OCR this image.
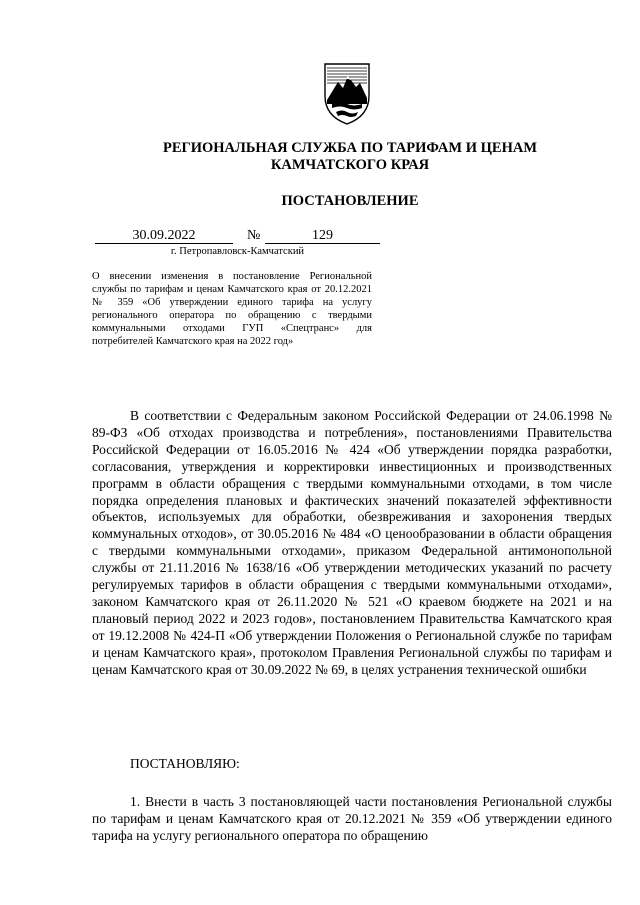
РЕГИОНАЛЬНАЯ СЛУЖБА ПО ТАРИФАМ И ЦЕНАМ
КАМЧАТСКОГО КРАЯ
ПОСТАНОВЛЕНИЕ
30.09.2022	№	129
г. Петропавловск-Камчатский
О внесении изменения в постановление Региональной службы по тарифам и ценам Камчатского края от 20.12.2021 № 359 «Об утверждении единого тарифа на услугу регионального оператора по обращению с твердыми коммунальными отходами ГУП «Спецтранс» для потребителей Камчатского края на 2022 год»

В соответствии с Федеральным законом Российской Федерации от 24.06.1998 № 89-ФЗ «Об отходах производства и потребления», постановлениями Правительства Российской Федерации от 16.05.2016 № 424 «Об утверждении порядка разработки, согласования, утверждения и корректировки инвестиционных и производственных программ в области обращения с твердыми коммунальными отходами, в том числе порядка определения плановых и фактических значений показателей эффективности объектов, используемых для обработки, обезвреживания и захоронения твердых коммунальных отходов», от 30.05.2016 № 484 «О ценообразовании в области обращения с твердыми коммунальными отходами», приказом Федеральной антимонопольной службы от 21.11.2016 № 1638/16 «Об утверждении методических указаний по расчету регулируемых тарифов в области обращения с твердыми коммунальными отходами», законом Камчатского края от 26.11.2020 № 521 «О краевом бюджете на 2021 и на плановый период 2022 и 2023 годов», постановлением Правительства Камчатского края от 19.12.2008 № 424-П «Об утверждении Положения о Региональной службе по тарифам и ценам Камчатского края», протоколом Правления Региональной службы по тарифам и ценам Камчатского края от 30.09.2022 № 69, в целях устранения технической ошибки

ПОСТАНОВЛЯЮ:

1. Внести в часть 3 постановляющей части постановления Региональной службы по тарифам и ценам Камчатского края от 20.12.2021 № 359 «Об утверждении единого тарифа на услугу регионального оператора по обращению
